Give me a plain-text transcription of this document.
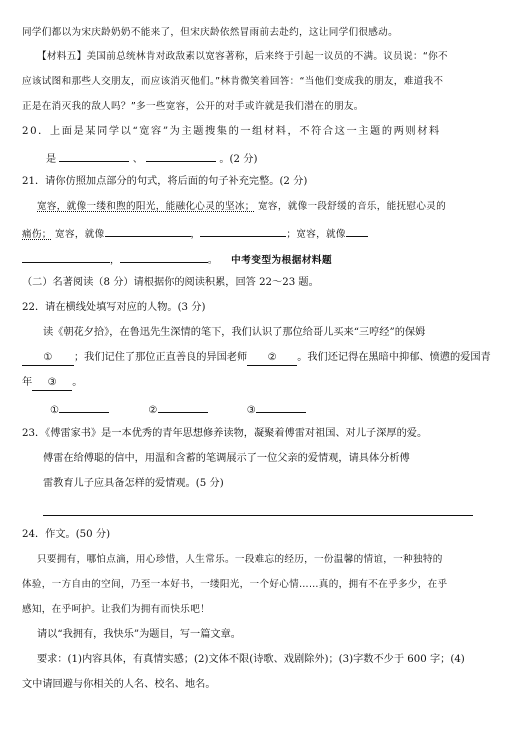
同学们都以为宋庆龄奶奶不能来了，但宋庆龄依然冒雨前去赴约，这让同学们很感动。
【材料五】美国前总统林肯对政敌素以宽容著称，后来终于引起一议员的不满。议员说：“你不
应该试图和那些人交朋友，而应该消灭他们。”林肯微笑着回答：“当他们变成我的朋友，难道我不
正是在消灭我的敌人吗？”多一些宽容，公开的对手或许就是我们潜在的朋友。
20．上面是某同学以“宽容”为主题搜集的一组材料，不符合这一主题的两则材料
是	、	。(2 分)
21．请你仿照加点部分的句式，将后面的句子补充完整。(2 分)
宽容，就像一缕和煦的阳光，能融化心灵的坚冰； 宽容，就像一段舒缓的音乐，能抚慰心灵的
痛伤； 宽容，就像	，	；宽容，就像
，	。 中考变型为根据材料题
（二）名著阅读（8 分）请根据你的阅读积累，回答 22～23 题。
22．请在横线处填写对应的人物。(3 分)
读《朝花夕拾》，在鲁迅先生深情的笔下，我们认识了那位给哥儿买来“三哼经”的保姆
① ；我们记住了那位正直善良的异国老师 ② 。我们还记得在黑暗中抑郁、愤懑的爱国青
年 ③ 。
①	②	③
23．《傅雷家书》是一本优秀的青年思想修养读物，凝聚着傅雷对祖国、对儿子深厚的爱。
傅雷在给傅聪的信中，用温和含蓄的笔调展示了一位父亲的爱情观，请具体分析傅
雷教育儿子应具备怎样的爱情观。(5 分)
24．作文。(50 分)
只要拥有，哪怕点滴，用心珍惜，人生常乐。一段难忘的经历，一份温馨的情谊，一种独特的
体验，一方自由的空间，乃至一本好书，一缕阳光，一个好心情……真的，拥有不在乎多少，在乎
感知，在乎呵护。让我们为拥有而快乐吧！
请以“我拥有，我快乐”为题目，写一篇文章。
要求：(1)内容具体，有真情实感；(2)文体不限(诗歌、戏剧除外)；(3)字数不少于 600 字；(4)
文中请回避与你相关的人名、校名、地名。
